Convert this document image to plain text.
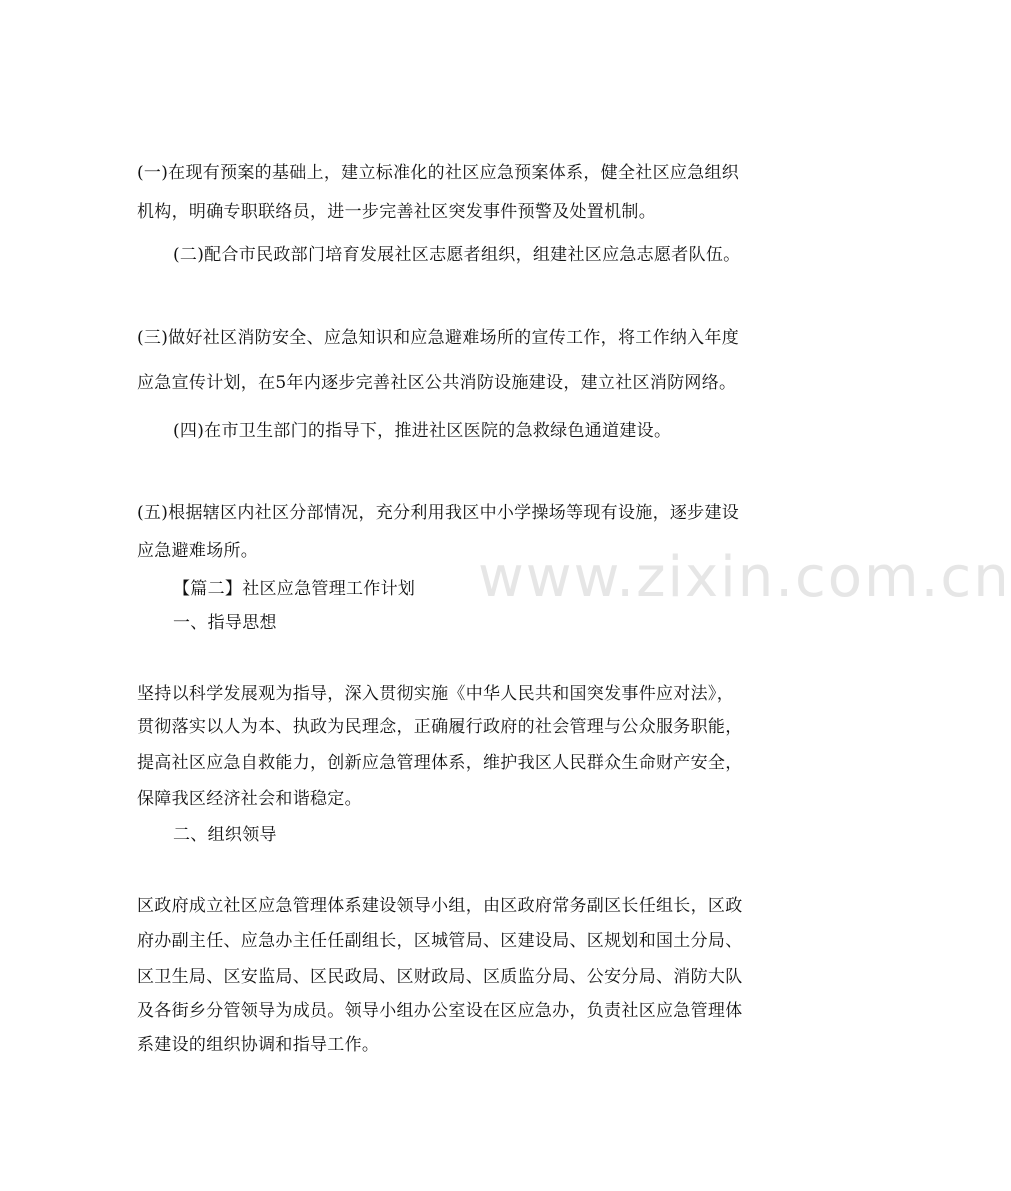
www.zixin.com.cn

(一)在现有预案的基础上，建立标准化的社区应急预案体系，健全社区应急组织

机构，明确专职联络员，进一步完善社区突发事件预警及处置机制。

(二)配合市民政部门培育发展社区志愿者组织，组建社区应急志愿者队伍。

(三)做好社区消防安全、应急知识和应急避难场所的宣传工作，将工作纳入年度

应急宣传计划，在5年内逐步完善社区公共消防设施建设，建立社区消防网络。

(四)在市卫生部门的指导下，推进社区医院的急救绿色通道建设。

(五)根据辖区内社区分部情况，充分利用我区中小学操场等现有设施，逐步建设

应急避难场所。

【篇二】社区应急管理工作计划

一、指导思想

坚持以科学发展观为指导，深入贯彻实施《中华人民共和国突发事件应对法》，

贯彻落实以人为本、执政为民理念，正确履行政府的社会管理与公众服务职能，

提高社区应急自救能力，创新应急管理体系，维护我区人民群众生命财产安全，

保障我区经济社会和谐稳定。

二、组织领导

区政府成立社区应急管理体系建设领导小组，由区政府常务副区长任组长，区政

府办副主任、应急办主任任副组长，区城管局、区建设局、区规划和国土分局、

区卫生局、区安监局、区民政局、区财政局、区质监分局、公安分局、消防大队

及各街乡分管领导为成员。领导小组办公室设在区应急办，负责社区应急管理体

系建设的组织协调和指导工作。
